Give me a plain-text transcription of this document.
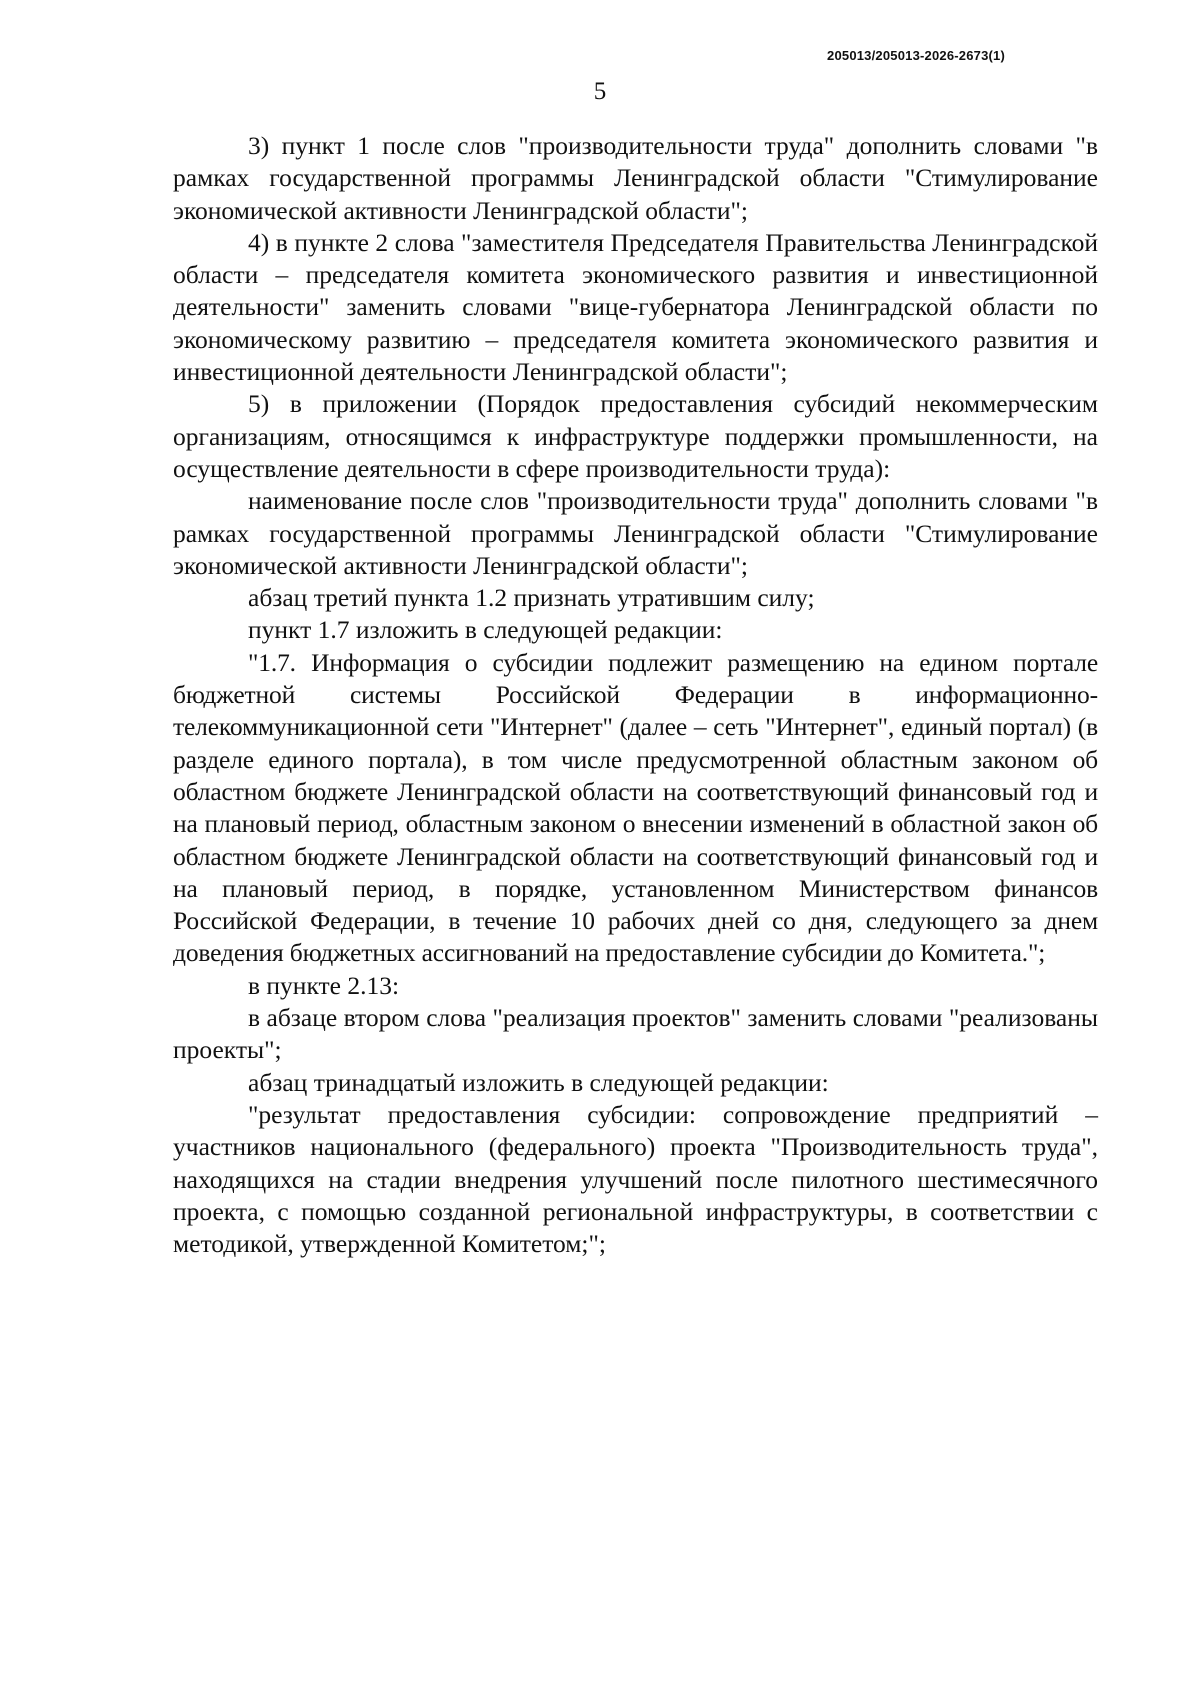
205013/205013-2026-2673(1)
5

3) пункт 1 после слов "производительности труда" дополнить словами "в рамках государственной программы Ленинградской области "Стимулирование экономической активности Ленинградской области";

4) в пункте 2 слова "заместителя Председателя Правительства Ленинградской области – председателя комитета экономического развития и инвестиционной деятельности" заменить словами "вице-губернатора Ленинградской области по экономическому развитию – председателя комитета экономического развития и инвестиционной деятельности Ленинградской области";

5) в приложении (Порядок предоставления субсидий некоммерческим организациям, относящимся к инфраструктуре поддержки промышленности, на осуществление деятельности в сфере производительности труда):

наименование после слов "производительности труда" дополнить словами "в рамках государственной программы Ленинградской области "Стимулирование экономической активности Ленинградской области";

абзац третий пункта 1.2 признать утратившим силу;

пункт 1.7 изложить в следующей редакции:

"1.7. Информация о субсидии подлежит размещению на едином портале бюджетной системы Российской Федерации в информационно-телекоммуникационной сети "Интернет" (далее – сеть "Интернет", единый портал) (в разделе единого портала), в том числе предусмотренной областным законом об областном бюджете Ленинградской области на соответствующий финансовый год и на плановый период, областным законом о внесении изменений в областной закон об областном бюджете Ленинградской области на соответствующий финансовый год и на плановый период, в порядке, установленном Министерством финансов Российской Федерации, в течение 10 рабочих дней со дня, следующего за днем доведения бюджетных ассигнований на предоставление субсидии до Комитета.";

в пункте 2.13:

в абзаце втором слова "реализация проектов" заменить словами "реализованы проекты";

абзац тринадцатый изложить в следующей редакции:

"результат предоставления субсидии: сопровождение предприятий – участников национального (федерального) проекта "Производительность труда", находящихся на стадии внедрения улучшений после пилотного шестимесячного проекта, с помощью созданной региональной инфраструктуры, в соответствии с методикой, утвержденной Комитетом;";
